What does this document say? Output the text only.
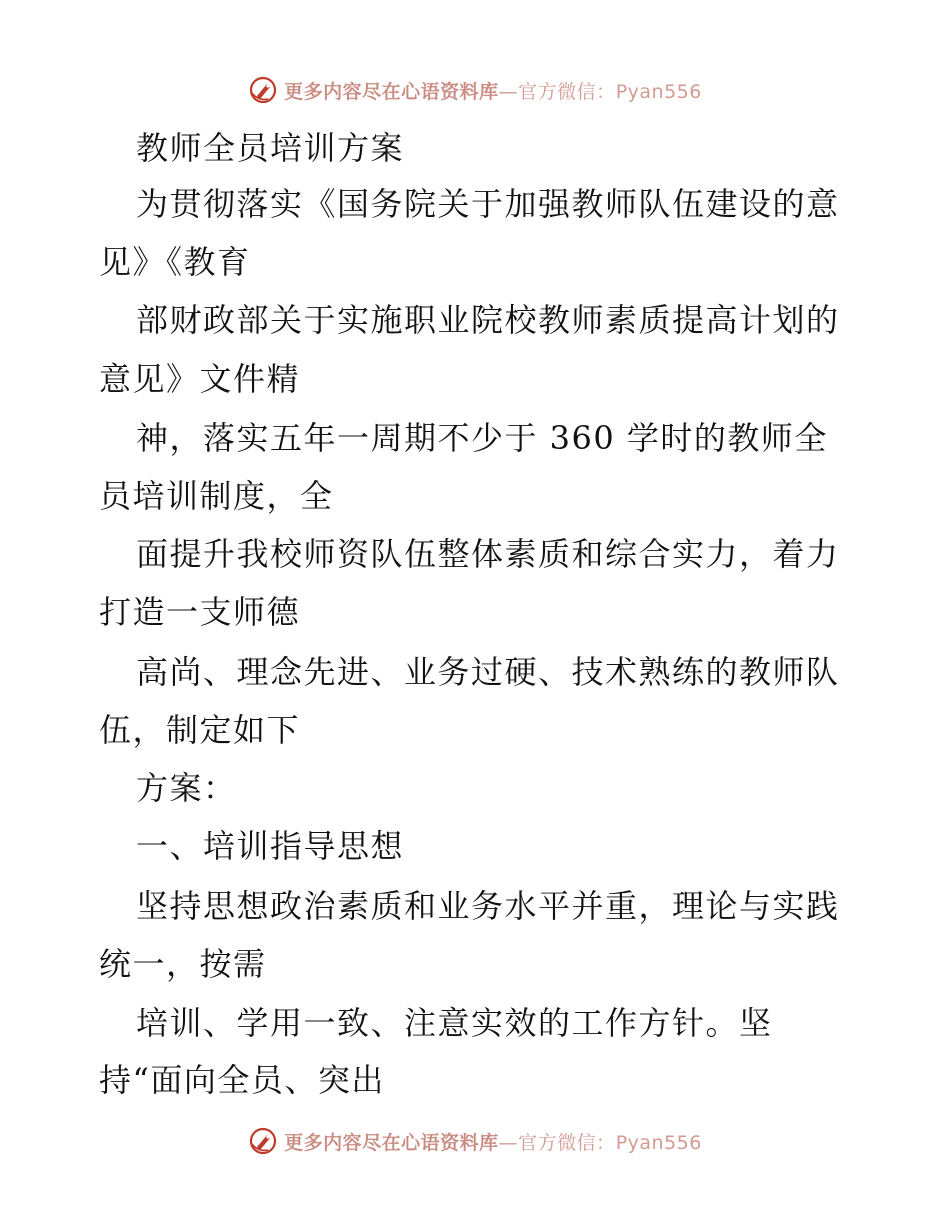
更多内容尽在心语资料库—官方微信：Pyan556
教师全员培训方案
为贯彻落实《国务院关于加强教师队伍建设的意
见》《教育
部财政部关于实施职业院校教师素质提高计划的
意见》文件精
神，落实五年一周期不少于 360 学时的教师全
员培训制度，全
面提升我校师资队伍整体素质和综合实力，着力
打造一支师德
高尚、理念先进、业务过硬、技术熟练的教师队
伍，制定如下
方案：
一、培训指导思想
坚持思想政治素质和业务水平并重，理论与实践
统一，按需
培训、学用一致、注意实效的工作方针。坚
持“面向全员、突出
更多内容尽在心语资料库—官方微信：Pyan556
